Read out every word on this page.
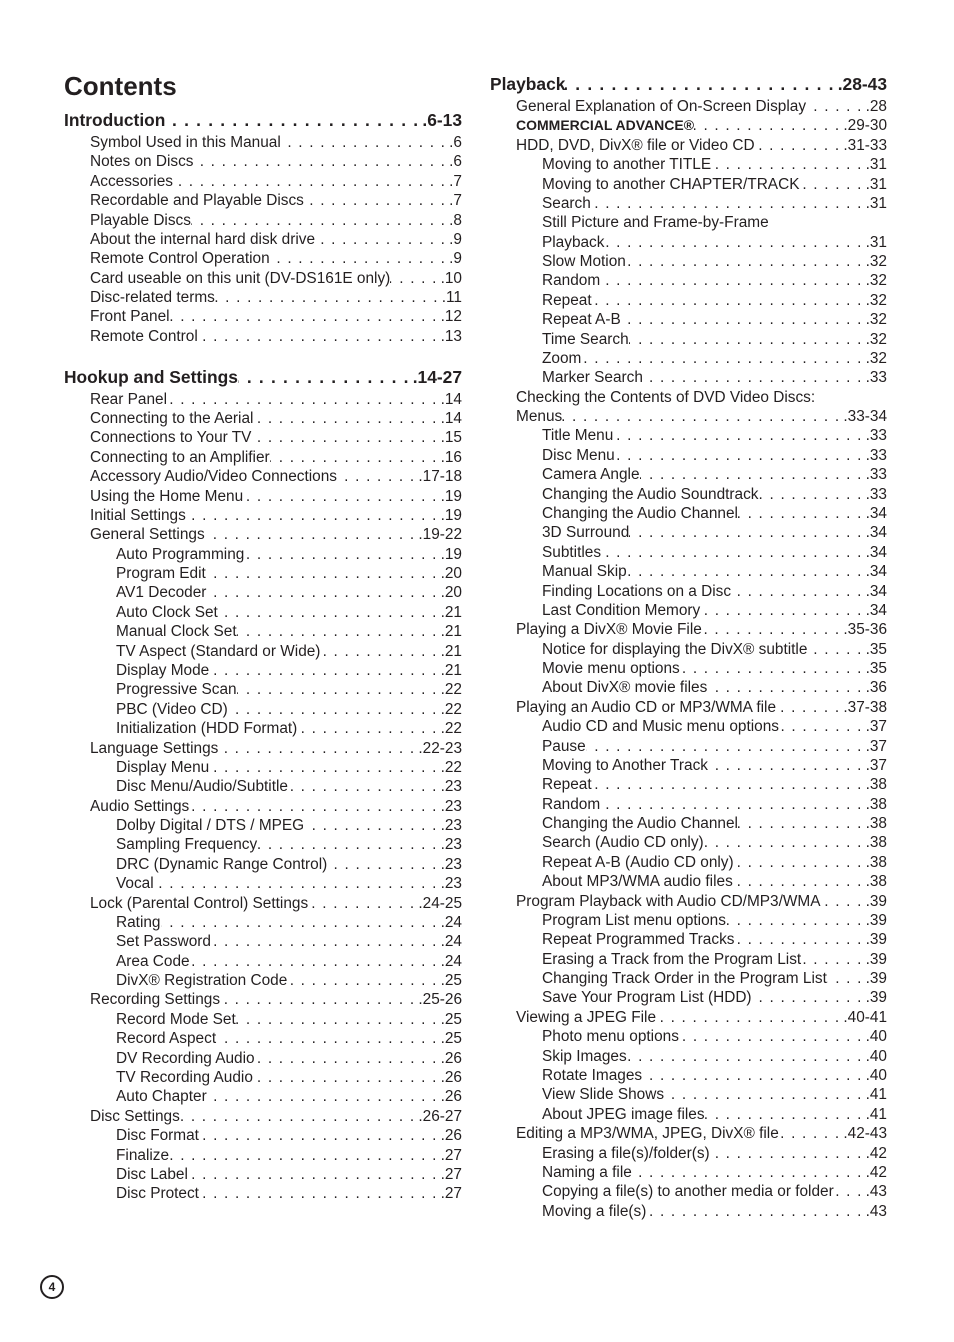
Contents
Introduction . . .	.6-13
Symbol Used in this Manual . . .	.6
Notes on Discs . . .	.6
Accessories . . .	.7
Recordable and Playable Discs . . .	.7
Playable Discs . . .	.8
About the internal hard disk drive . . .	.9
Remote Control Operation . . .	.9
Card useable on this unit (DV-DS161E only) . . .	.10
Disc-related terms . . .	.11
Front Panel . . .	.12
Remote Control . . .	.13
Hookup and Settings . . .	.14-27
Rear Panel . . .	.14
Connecting to the Aerial . . .	.14
Connections to Your TV . . .	.15
Connecting to an Amplifier . . .	.16
Accessory Audio/Video Connections . . .	.17-18
Using the Home Menu . . .	.19
Initial Settings . . .	.19
General Settings . . .	.19-22
Auto Programming . . .	.19
Program Edit . . .	.20
AV1 Decoder . . .	.20
Auto Clock Set . . .	.21
Manual Clock Set . . .	.21
TV Aspect (Standard or Wide) . . .	.21
Display Mode . . .	.21
Progressive Scan . . .	.22
PBC (Video CD) . . .	.22
Initialization (HDD Format) . . .	.22
Language Settings . . .	.22-23
Display Menu . . .	.22
Disc Menu/Audio/Subtitle . . .	.23
Audio Settings . . .	.23
Dolby Digital / DTS / MPEG . . .	.23
Sampling Frequency . . .	.23
DRC (Dynamic Range Control) . . .	.23
Vocal . . .	.23
Lock (Parental Control) Settings . . .	.24-25
Rating . . .	.24
Set Password . . .	.24
Area Code . . .	.24
DivX® Registration Code . . .	.25
Recording Settings . . .	.25-26
Record Mode Set . . .	.25
Record Aspect . . .	.25
DV Recording Audio . . .	.26
TV Recording Audio . . .	.26
Auto Chapter . . .	.26
Disc Settings . . .	.26-27
Disc Format . . .	.26
Finalize . . .	.27
Disc Label . . .	.27
Disc Protect . . .	.27
Playback . . .	.28-43
General Explanation of On-Screen Display . . .	.28
COMMERCIAL ADVANCE® . . .	.29-30
HDD, DVD, DivX® file or Video CD . . .	.31-33
Moving to another TITLE . . .	.31
Moving to another CHAPTER/TRACK . . .	.31
Search . . .	.31
Still Picture and Frame-by-Frame
Playback . . .	.31
Slow Motion . . .	.32
Random . . .	.32
Repeat . . .	.32
Repeat A-B . . .	.32
Time Search . . .	.32
Zoom . . .	.32
Marker Search . . .	.33
Checking the Contents of DVD Video Discs:
Menus . . .	.33-34
Title Menu . . .	.33
Disc Menu . . .	.33
Camera Angle . . .	.33
Changing the Audio Soundtrack . . .	.33
Changing the Audio Channel . . .	.34
3D Surround . . .	.34
Subtitles . . .	.34
Manual Skip . . .	.34
Finding Locations on a Disc . . .	.34
Last Condition Memory . . .	.34
Playing a DivX® Movie File . . .	.35-36
Notice for displaying the DivX® subtitle . . .	.35
Movie menu options . . .	.35
About DivX® movie files . . .	.36
Playing an Audio CD or MP3/WMA file . . .	.37-38
Audio CD and Music menu options . . .	.37
Pause . . .	.37
Moving to Another Track . . .	.37
Repeat . . .	.38
Random . . .	.38
Changing the Audio Channel . . .	.38
Search (Audio CD only) . . .	.38
Repeat A-B (Audio CD only) . . .	.38
About MP3/WMA audio files . . .	.38
Program Playback with Audio CD/MP3/WMA . . .	.39
Program List menu options . . .	.39
Repeat Programmed Tracks . . .	.39
Erasing a Track from the Program List . . .	.39
Changing Track Order in the Program List . . .	.39
Save Your Program List (HDD) . . .	.39
Viewing a JPEG File . . .	.40-41
Photo menu options . . .	.40
Skip Images . . .	.40
Rotate Images . . .	.40
View Slide Shows . . .	.41
About JPEG image files . . .	.41
Editing a MP3/WMA, JPEG, DivX® file . . .	.42-43
Erasing a file(s)/folder(s) . . .	.42
Naming a file . . .	.42
Copying a file(s) to another media or folder . . . .43
Moving a file(s) . . .	.43
4
